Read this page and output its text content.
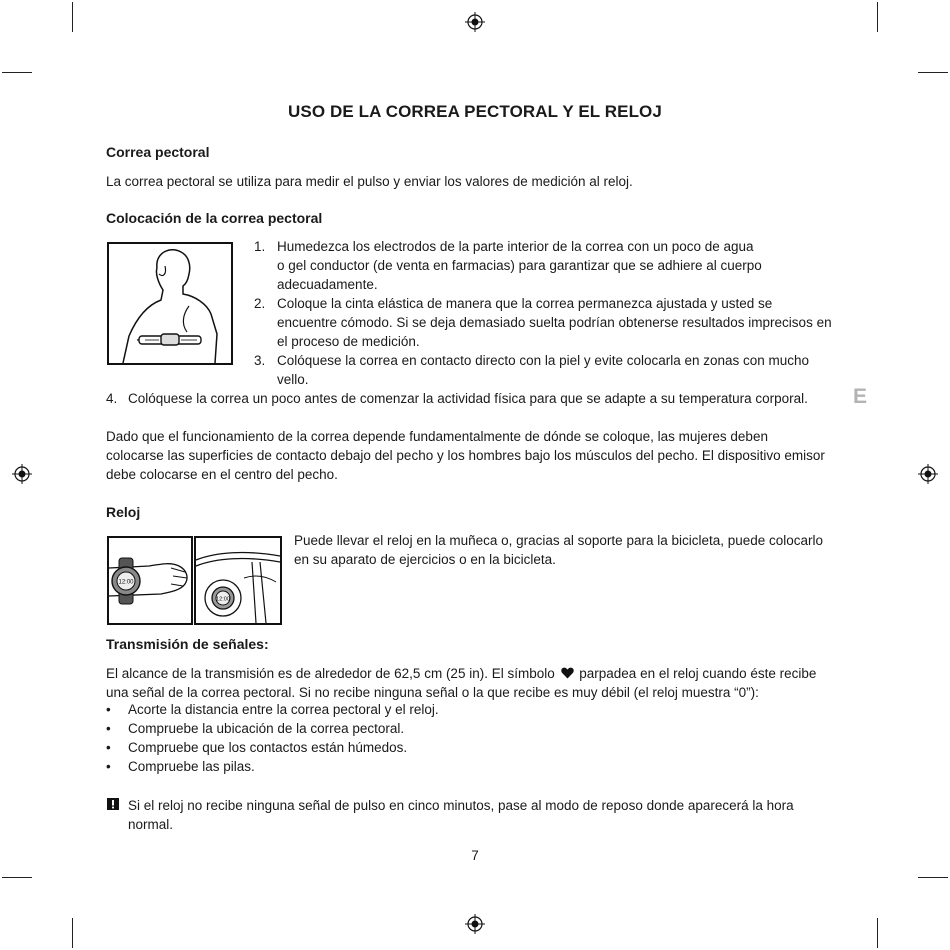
USO DE LA CORREA PECTORAL Y EL RELOJ
Correa pectoral
La correa pectoral se utiliza para medir el pulso y enviar los valores de medición al reloj.
Colocación de la correa pectoral
1. Humedezca los electrodos de la parte interior de la correa con un poco de agua
o gel conductor (de venta en farmacias) para garantizar que se adhiere al cuerpo
adecuadamente.
2. Coloque la cinta elástica de manera que la correa permanezca ajustada y usted se
encuentre cómodo. Si se deja demasiado suelta podrían obtenerse resultados imprecisos en
el proceso de medición.
3. Colóquese la correa en contacto directo con la piel y evite colocarla en zonas con mucho
vello.
4. Colóquese la correa un poco antes de comenzar la actividad física para que se adapte a su temperatura corporal.	E
Dado que el funcionamiento de la correa depende fundamentalmente de dónde se coloque, las mujeres deben
colocarse las superficies de contacto debajo del pecho y los hombres bajo los músculos del pecho. El dispositivo emisor
debe colocarse en el centro del pecho.
Reloj
12:00
12:00
Puede llevar el reloj en la muñeca o, gracias al soporte para la bicicleta, puede colocarlo
en su aparato de ejercicios o en la bicicleta.
Transmisión de señales:
El alcance de la transmisión es de alrededor de 62,5 cm (25 in). El símbolo parpadea en el reloj cuando éste recibe
una señal de la correa pectoral. Si no recibe ninguna señal o la que recibe es muy débil (el reloj muestra “0”):
• Acorte la distancia entre la correa pectoral y el reloj.
• Compruebe la ubicación de la correa pectoral.
• Compruebe que los contactos están húmedos.
• Compruebe las pilas.
Si el reloj no recibe ninguna señal de pulso en cinco minutos, pase al modo de reposo donde aparecerá la hora
normal.
7
